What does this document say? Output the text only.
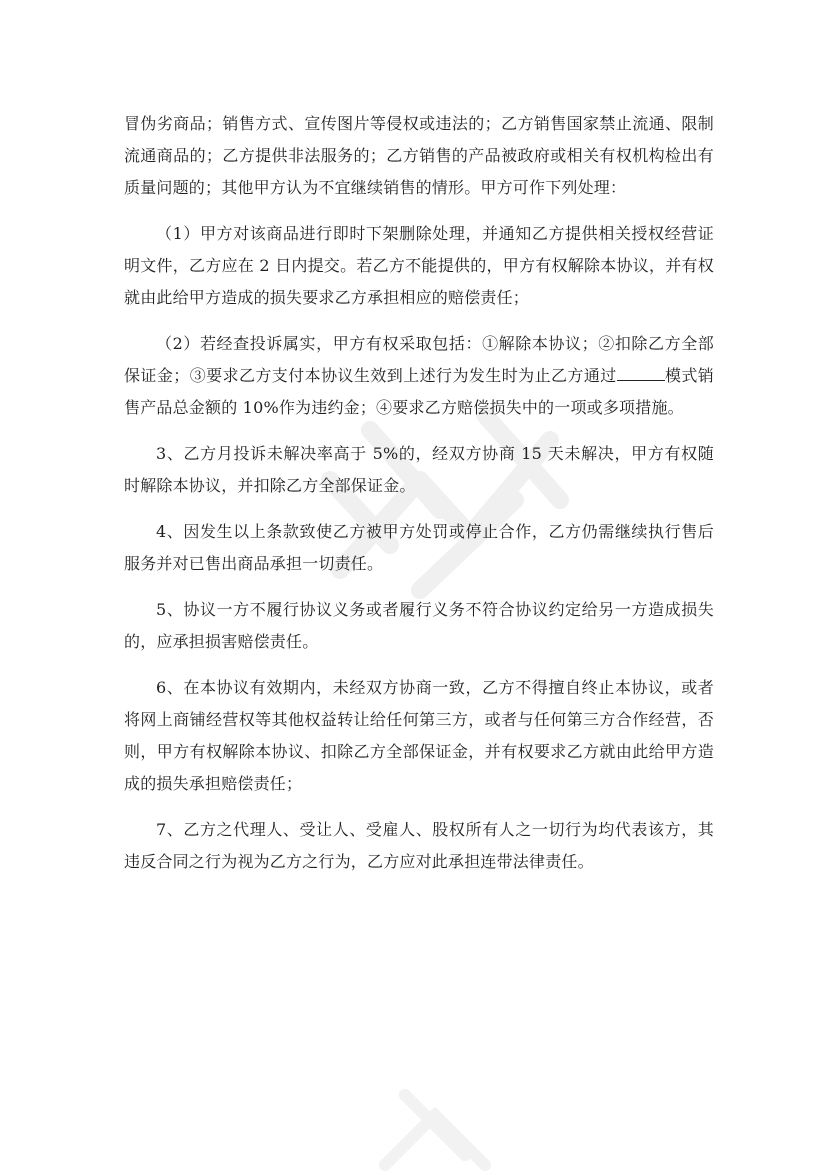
冒伪劣商品；销售方式、宣传图片等侵权或违法的；乙方销售国家禁止流通、限制流通商品的；乙方提供非法服务的；乙方销售的产品被政府或相关有权机构检出有质量问题的；其他甲方认为不宜继续销售的情形。甲方可作下列处理：

（1）甲方对该商品进行即时下架删除处理，并通知乙方提供相关授权经营证明文件，乙方应在 2 日内提交。若乙方不能提供的，甲方有权解除本协议，并有权就由此给甲方造成的损失要求乙方承担相应的赔偿责任；

（2）若经查投诉属实，甲方有权采取包括：①解除本协议；②扣除乙方全部保证金；③要求乙方支付本协议生效到上述行为发生时为止乙方通过	模式销售产品总金额的 10%作为违约金；④要求乙方赔偿损失中的一项或多项措施。

3、乙方月投诉未解决率高于 5%的，经双方协商 15 天未解决，甲方有权随时解除本协议，并扣除乙方全部保证金。

4、因发生以上条款致使乙方被甲方处罚或停止合作，乙方仍需继续执行售后服务并对已售出商品承担一切责任。

5、协议一方不履行协议义务或者履行义务不符合协议约定给另一方造成损失的，应承担损害赔偿责任。

6、在本协议有效期内，未经双方协商一致，乙方不得擅自终止本协议，或者将网上商铺经营权等其他权益转让给任何第三方，或者与任何第三方合作经营，否则，甲方有权解除本协议、扣除乙方全部保证金，并有权要求乙方就由此给甲方造成的损失承担赔偿责任；

7、乙方之代理人、受让人、受雇人、股权所有人之一切行为均代表该方，其违反合同之行为视为乙方之行为，乙方应对此承担连带法律责任。
